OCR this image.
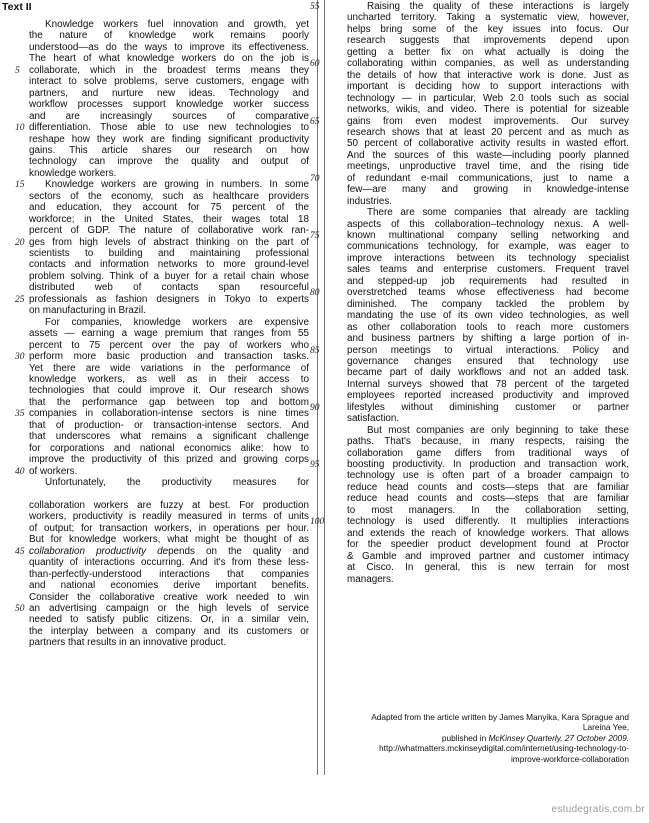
Text II
Knowledge workers fuel innovation and growth, yet
the nature of knowledge work remains poorly
understood—as do the ways to improve its effectiveness.
The heart of what knowledge workers do on the job is
collaborate, which in the broadest terms means they
interact to solve problems, serve customers, engage with
partners, and nurture new ideas. Technology and
workflow processes support knowledge worker success
and are increasingly sources of comparative
differentiation. Those able to use new technologies to
reshape how they work are finding significant productivity
gains. This article shares our research on how
technology can improve the quality and output of
knowledge workers.
Knowledge workers are growing in numbers. In some
sectors of the economy, such as healthcare providers
and education, they account for 75 percent of the
workforce; in the United States, their wages total 18
percent of GDP. The nature of collaborative work ran-
ges from high levels of abstract thinking on the part of
scientists to building and maintaining professional
contacts and information networks to more ground-level
problem solving. Think of a buyer for a retail chain whose
distributed web of contacts span resourceful
professionals as fashion designers in Tokyo to experts
on manufacturing in Brazil.
For companies, knowledge workers are expensive
assets — earning a wage premium that ranges from 55
percent to 75 percent over the pay of workers who
perform more basic production and transaction tasks.
Yet there are wide variations in the performance of
knowledge workers, as well as in their access to
technologies that could improve it. Our research shows
that the performance gap between top and bottom
companies in collaboration-intense sectors is nine times
that of production- or transaction-intense sectors. And
that underscores what remains a significant challenge
for corporations and national economics alike: how to
improve the productivity of this prized and growing corps
of workers.
Unfortunately, the productivity measures for
collaboration workers are fuzzy at best. For production
workers, productivity is readily measured in terms of units
of output; for transaction workers, in operations per hour.
But for knowledge workers, what might be thought of as
collaboration productivity depends on the quality and
quantity of interactions occurring. And it's from these less-
than-perfectly-understood interactions that companies
and national economies derive important benefits.
Consider the collaborative creative work needed to win
an advertising campaign or the high levels of service
needed to satisfy public citizens. Or, in a similar vein,
the interplay between a company and its customers or
partners that results in an innovative product.
5
10
15
20
25
30
35
40
45
50
Raising the quality of these interactions is largely
uncharted territory. Taking a systematic view, however,
helps bring some of the key issues into focus. Our
research suggests that improvements depend upon
getting a better fix on what actually is doing the
collaborating within companies, as well as understanding
the details of how that interactive work is done. Just as
important is deciding how to support interactions with
technology — in particular, Web 2.0 tools such as social
networks, wikis, and video. There is potential for sizeable
gains from even modest improvements. Our survey
research shows that at least 20 percent and as much as
50 percent of collaborative activity results in wasted effort.
And the sources of this waste—including poorly planned
meetings, unproductive travel time, and the rising tide
of redundant e-mail communications, just to name a
few—are many and growing in knowledge-intense
industries.
There are some companies that already are tackling
aspects of this collaboration–technology nexus. A well-
known multinational company selling networking and
communications technology, for example, was eager to
improve interactions between its technology specialist
sales teams and enterprise customers. Frequent travel
and stepped-up job requirements had resulted in
overstretched teams whose effectiveness had become
diminished. The company tackled the problem by
mandating the use of its own video technologies, as well
as other collaboration tools to reach more customers
and business partners by shifting a large portion of in-
person meetings to virtual interactions. Policy and
governance changes ensured that technology use
became part of daily workflows and not an added task.
Internal surveys showed that 78 percent of the targeted
employees reported increased productivity and improved
lifestyles without diminishing customer or partner
satisfaction.
But most companies are only beginning to take these
paths. That's because, in many respects, raising the
collaboration game differs from traditional ways of
boosting productivity. In production and transaction work,
technology use is often part of a broader campaign to
reduce head counts and costs—steps that are familiar
reduce head counts and costs—steps that are familiar
to most managers. In the collaboration setting,
technology is used differently. It multiplies interactions
and extends the reach of knowledge workers. That allows
for the speedier product development found at Proctor
& Gamble and improved partner and customer intimacy
at Cisco. In general, this is new terrain for most
managers.
55
60
65
70
75
80
85
90
95
100
Adapted from the article written by James Manyika, Kara Sprague and
Lareina Yee,
published in McKinsey Quarterly, 27 October 2009.
http://whatmatters.mckinseydigital.com/internet/using-technology-to-
improve-workforce-collaboration
estudegratis.com.br
